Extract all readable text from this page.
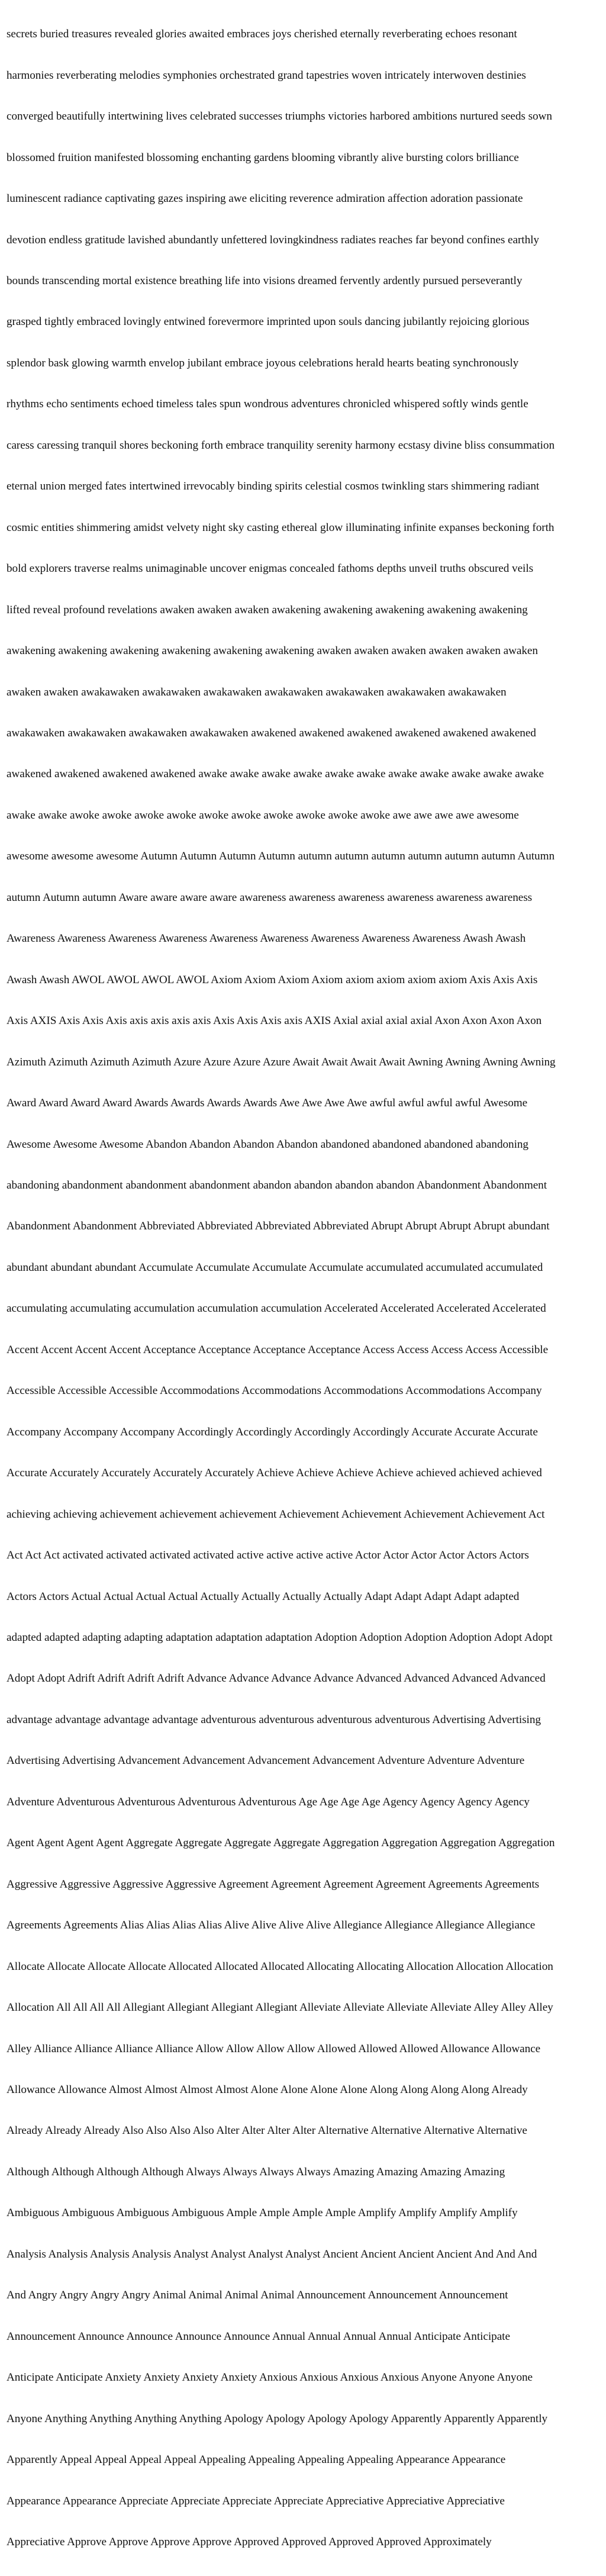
secrets buried treasures revealed glories awaited embraces joys cherished eternally reverberating echoes resonant

harmonies reverberating melodies symphonies orchestrated grand tapestries woven intricately interwoven destinies

converged beautifully intertwining lives celebrated successes triumphs victories harbored ambitions nurtured seeds sown

blossomed fruition manifested blossoming enchanting gardens blooming vibrantly alive bursting colors brilliance

luminescent radiance captivating gazes inspiring awe eliciting reverence admiration affection adoration passionate

devotion endless gratitude lavished abundantly unfettered lovingkindness radiates reaches far beyond confines earthly

bounds transcending mortal existence breathing life into visions dreamed fervently ardently pursued perseverantly

grasped tightly embraced lovingly entwined forevermore imprinted upon souls dancing jubilantly rejoicing glorious

splendor bask glowing warmth envelop jubilant embrace joyous celebrations herald hearts beating synchronously

rhythms echo sentiments echoed timeless tales spun wondrous adventures chronicled whispered softly winds gentle

caress caressing tranquil shores beckoning forth embrace tranquility serenity harmony ecstasy divine bliss consummation

eternal union merged fates intertwined irrevocably binding spirits celestial cosmos twinkling stars shimmering radiant

cosmic entities shimmering amidst velvety night sky casting ethereal glow illuminating infinite expanses beckoning forth

bold explorers traverse realms unimaginable uncover enigmas concealed fathoms depths unveil truths obscured veils

lifted reveal profound revelations awaken awaken awaken awakening awakening awakening awakening awakening

awakening awakening awakening awakening awakening awakening awaken awaken awaken awaken awaken awaken

awaken awaken awakawaken awakawaken awakawaken awakawaken awakawaken awakawaken awakawaken

awakawaken awakawaken awakawaken awakawaken awakened awakened awakened awakened awakened awakened

awakened awakened awakened awakened awake awake awake awake awake awake awake awake awake awake awake

awake awake awoke awoke awoke awoke awoke awoke awoke awoke awoke awoke awe awe awe awe awesome

awesome awesome awesome Autumn Autumn Autumn Autumn autumn autumn autumn autumn autumn autumn Autumn

autumn Autumn autumn Aware aware aware aware awareness awareness awareness awareness awareness awareness

Awareness Awareness Awareness Awareness Awareness Awareness Awareness Awareness Awareness Awash Awash

Awash Awash AWOL AWOL AWOL AWOL Axiom Axiom Axiom Axiom axiom axiom axiom axiom Axis Axis Axis

Axis AXIS Axis Axis Axis axis axis axis axis Axis Axis Axis axis AXIS Axial axial axial axial Axon Axon Axon Axon

Azimuth Azimuth Azimuth Azimuth Azure Azure Azure Azure Await Await Await Await Awning Awning Awning Awning

Award Award Award Award Awards Awards Awards Awards Awe Awe Awe Awe awful awful awful awful Awesome

Awesome Awesome Awesome Abandon Abandon Abandon Abandon abandoned abandoned abandoned abandoning

abandoning abandonment abandonment abandonment abandon abandon abandon abandon Abandonment Abandonment

Abandonment Abandonment Abbreviated Abbreviated Abbreviated Abbreviated Abrupt Abrupt Abrupt Abrupt abundant

abundant abundant abundant Accumulate Accumulate Accumulate Accumulate accumulated accumulated accumulated

accumulating accumulating accumulation accumulation accumulation Accelerated Accelerated Accelerated Accelerated

Accent Accent Accent Accent Acceptance Acceptance Acceptance Acceptance Access Access Access Access Accessible

Accessible Accessible Accessible Accommodations Accommodations Accommodations Accommodations Accompany

Accompany Accompany Accompany Accordingly Accordingly Accordingly Accordingly Accurate Accurate Accurate

Accurate Accurately Accurately Accurately Accurately Achieve Achieve Achieve Achieve achieved achieved achieved

achieving achieving achievement achievement achievement Achievement Achievement Achievement Achievement Act

Act Act Act activated activated activated activated active active active active Actor Actor Actor Actor Actors Actors

Actors Actors Actual Actual Actual Actual Actually Actually Actually Actually Adapt Adapt Adapt Adapt adapted

adapted adapted adapting adapting adaptation adaptation adaptation Adoption Adoption Adoption Adoption Adopt Adopt

Adopt Adopt Adrift Adrift Adrift Adrift Advance Advance Advance Advance Advanced Advanced Advanced Advanced

advantage advantage advantage advantage adventurous adventurous adventurous adventurous Advertising Advertising

Advertising Advertising Advancement Advancement Advancement Advancement Adventure Adventure Adventure

Adventure Adventurous Adventurous Adventurous Adventurous Age Age Age Age Agency Agency Agency Agency

Agent Agent Agent Agent Aggregate Aggregate Aggregate Aggregate Aggregation Aggregation Aggregation Aggregation

Aggressive Aggressive Aggressive Aggressive Agreement Agreement Agreement Agreement Agreements Agreements

Agreements Agreements Alias Alias Alias Alias Alive Alive Alive Alive Allegiance Allegiance Allegiance Allegiance

Allocate Allocate Allocate Allocate Allocated Allocated Allocated Allocating Allocating Allocation Allocation Allocation

Allocation All All All All Allegiant Allegiant Allegiant Allegiant Alleviate Alleviate Alleviate Alleviate Alley Alley Alley

Alley Alliance Alliance Alliance Alliance Allow Allow Allow Allow Allowed Allowed Allowed Allowance Allowance

Allowance Allowance Almost Almost Almost Almost Alone Alone Alone Alone Along Along Along Along Already

Already Already Already Also Also Also Also Alter Alter Alter Alter Alternative Alternative Alternative Alternative

Although Although Although Although Always Always Always Always Amazing Amazing Amazing Amazing

Ambiguous Ambiguous Ambiguous Ambiguous Ample Ample Ample Ample Amplify Amplify Amplify Amplify

Analysis Analysis Analysis Analysis Analyst Analyst Analyst Analyst Ancient Ancient Ancient Ancient And And And

And Angry Angry Angry Angry Animal Animal Animal Animal Announcement Announcement Announcement

Announcement Announce Announce Announce Announce Annual Annual Annual Annual Anticipate Anticipate

Anticipate Anticipate Anxiety Anxiety Anxiety Anxiety Anxious Anxious Anxious Anxious Anyone Anyone Anyone

Anyone Anything Anything Anything Anything Apology Apology Apology Apology Apparently Apparently Apparently

Apparently Appeal Appeal Appeal Appeal Appealing Appealing Appealing Appealing Appearance Appearance

Appearance Appearance Appreciate Appreciate Appreciate Appreciate Appreciative Appreciative Appreciative

Appreciative Approve Approve Approve Approve Approved Approved Approved Approved Approximately
